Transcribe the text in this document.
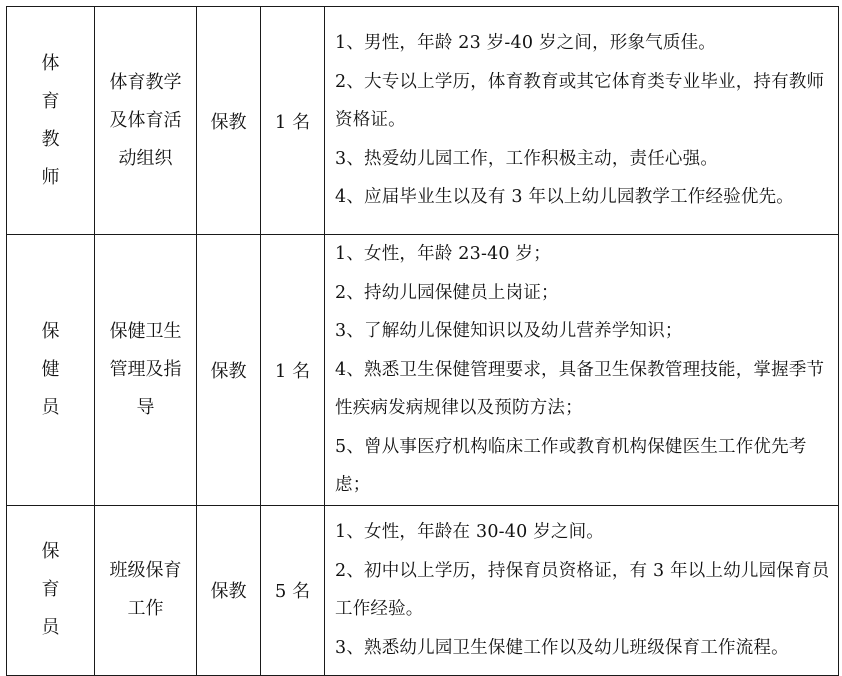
体育教师	体育教学及体育活动组织	保教	1 名	1、男性，年龄 23 岁-40 岁之间，形象气质佳。
2、大专以上学历，体育教育或其它体育类专业毕业，持有教师资格证。
3、热爱幼儿园工作，工作积极主动，责任心强。
4、应届毕业生以及有 3 年以上幼儿园教学工作经验优先。

保健员	保健卫生管理及指导	保教	1 名	1、女性，年龄 23-40 岁；
2、持幼儿园保健员上岗证；
3、了解幼儿保健知识以及幼儿营养学知识；
4、熟悉卫生保健管理要求，具备卫生保教管理技能，掌握季节性疾病发病规律以及预防方法；
5、曾从事医疗机构临床工作或教育机构保健医生工作优先考虑；

保育员	班级保育工作	保教	5 名	1、女性，年龄在 30-40 岁之间。
2、初中以上学历，持保育员资格证，有 3 年以上幼儿园保育员工作经验。
3、熟悉幼儿园卫生保健工作以及幼儿班级保育工作流程。
